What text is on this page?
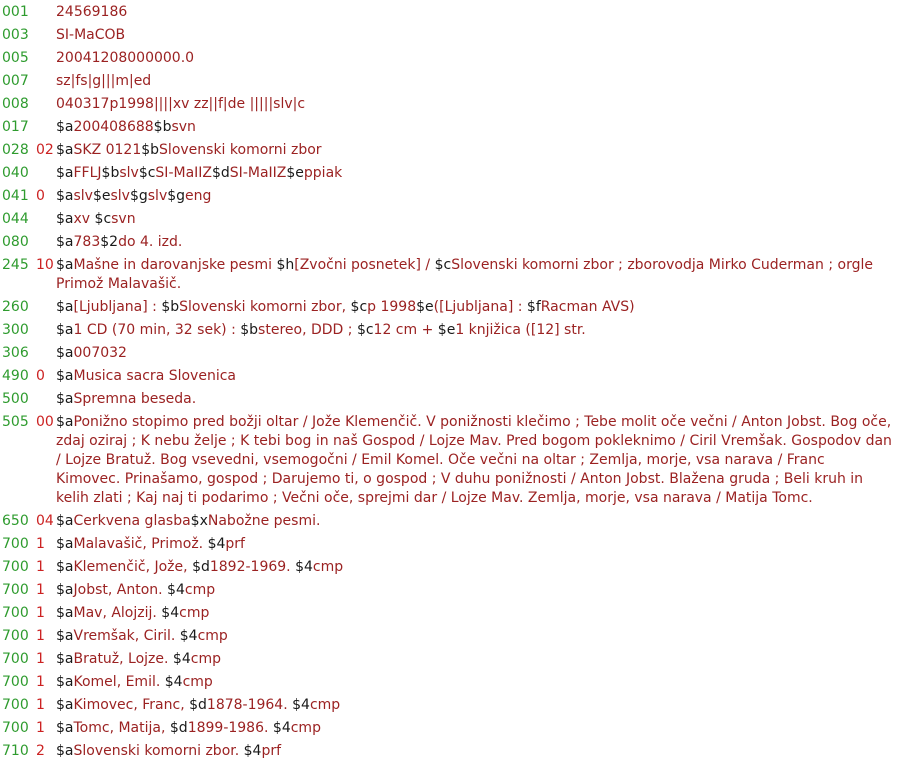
001	24569186
003	SI-MaCOB
005	20041208000000.0
007	sz|fs|g|||m|ed
008	040317p1998||||xv zz||f|de |||||slv|c
017	$a200408688$bsvn
028 02 $aSKZ 0121$bSlovenski komorni zbor
040	$aFFLJ$bslv$cSI-MaIIZ$dSI-MaIIZ$eppiak
041 0 $aslv$eslv$gslv$geng
044	$axv $csvn
080	$a783$2do 4. izd.
245 10 $aMašne in darovanjske pesmi $h[Zvočni posnetek] / $cSlovenski komorni zbor ; zborovodja Mirko Cuderman ; orgle Primož Malavašič.
260	$a[Ljubljana] : $bSlovenski komorni zbor, $cp 1998$e([Ljubljana] : $fRacman AVS)
300	$a1 CD (70 min, 32 sek) : $bstereo, DDD ; $c12 cm + $e1 knjižica ([12] str.
306	$a007032
490 0 $aMusica sacra Slovenica
500	$aSpremna beseda.
505 00 $aPonižno stopimo pred božji oltar / Jože Klemenčič. V ponižnosti klečimo ; Tebe molit oče večni / Anton Jobst. Bog oče, zdaj oziraj ; K nebu želje ; K tebi bog in naš Gospod / Lojze Mav. Pred bogom pokleknimo / Ciril Vremšak. Gospodov dan / Lojze Bratuž. Bog vsevedni, vsemogočni / Emil Komel. Oče večni na oltar ; Zemlja, morje, vsa narava / Franc Kimovec. Prinašamo, gospod ; Darujemo ti, o gospod ; V duhu ponižnosti / Anton Jobst. Blažena gruda ; Beli kruh in kelih zlati ; Kaj naj ti podarimo ; Večni oče, sprejmi dar / Lojze Mav. Zemlja, morje, vsa narava / Matija Tomc.
650 04 $aCerkvena glasba$xNabožne pesmi.
700 1 $aMalavašič, Primož. $4prf
700 1 $aKlemenčič, Jože, $d1892-1969. $4cmp
700 1 $aJobst, Anton. $4cmp
700 1 $aMav, Alojzij. $4cmp
700 1 $aVremšak, Ciril. $4cmp
700 1 $aBratuž, Lojze. $4cmp
700 1 $aKomel, Emil. $4cmp
700 1 $aKimovec, Franc, $d1878-1964. $4cmp
700 1 $aTomc, Matija, $d1899-1986. $4cmp
710 2 $aSlovenski komorni zbor. $4prf
